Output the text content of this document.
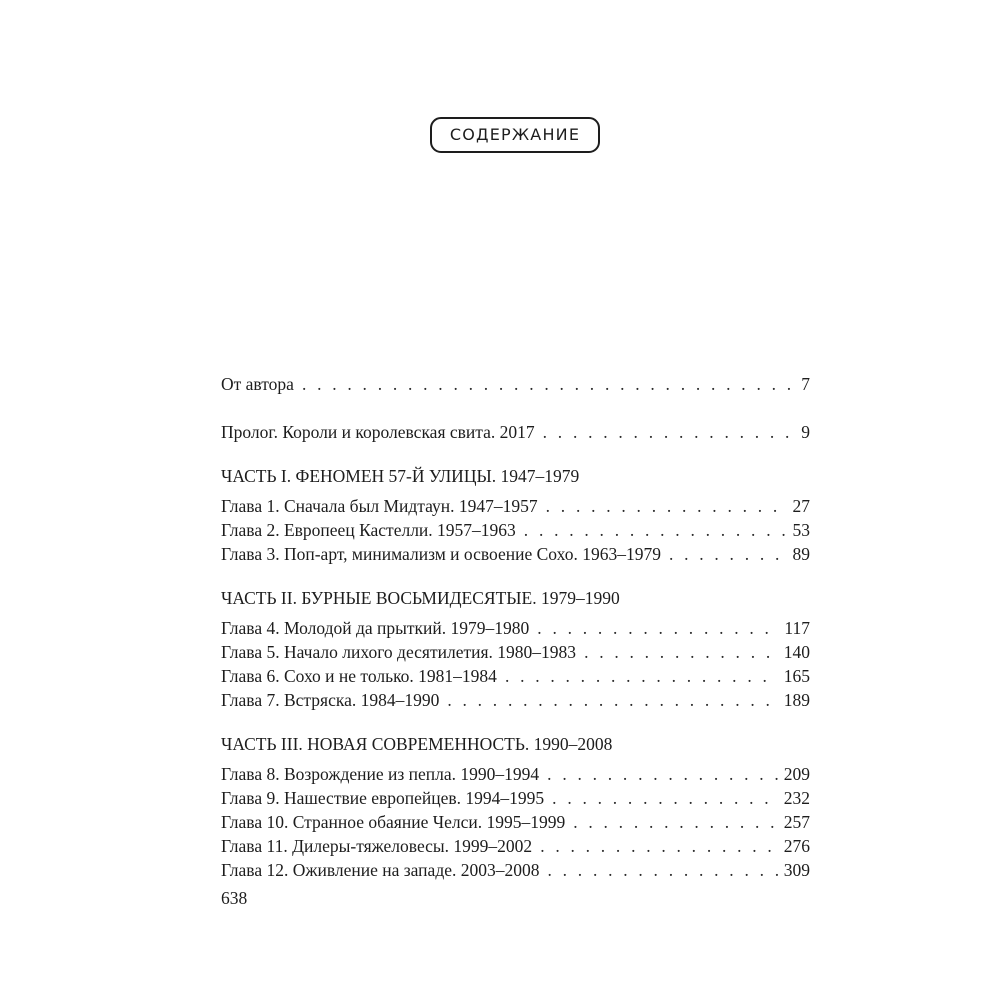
СОДЕРЖАНИЕ
От автора . . .	7
Пролог. Короли и королевская свита. 2017 . . .	9
ЧАСТЬ I. ФЕНОМЕН 57-Й УЛИЦЫ. 1947–1979
Глава 1. Сначала был Мидтаун. 1947–1957 . . .	27
Глава 2. Европеец Кастелли. 1957–1963 . . .	53
Глава 3. Поп-арт, минимализм и освоение Сохо. 1963–1979 . . .	89
ЧАСТЬ II. БУРНЫЕ ВОСЬМИДЕСЯТЫЕ. 1979–1990
Глава 4. Молодой да прыткий. 1979–1980 . . .	117
Глава 5. Начало лихого десятилетия. 1980–1983 . . .	140
Глава 6. Сохо и не только. 1981–1984 . . .	165
Глава 7. Встряска. 1984–1990 . . .	189
ЧАСТЬ III. НОВАЯ СОВРЕМЕННОСТЬ. 1990–2008
Глава 8. Возрождение из пепла. 1990–1994 . . .	209
Глава 9. Нашествие европейцев. 1994–1995 . . .	232
Глава 10. Странное обаяние Челси. 1995–1999 . . .	257
Глава 11. Дилеры-тяжеловесы. 1999–2002 . . .	276
Глава 12. Оживление на западе. 2003–2008 . . .	309
638
